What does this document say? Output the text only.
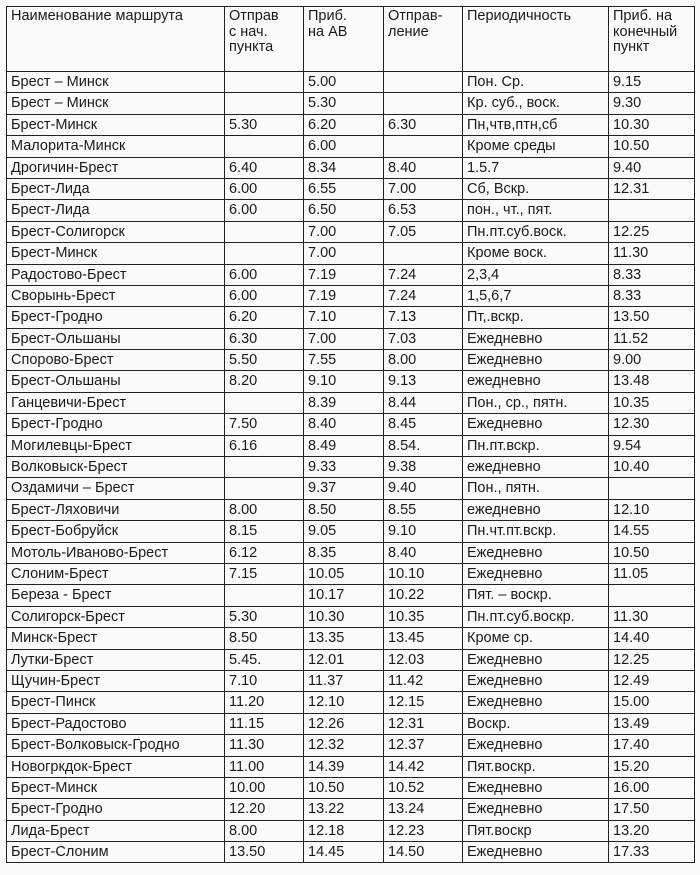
Наименование маршрута	Отправ
с нач.
пункта	Приб.
на АВ	Отправ-
ление	Периодичность	Приб. на
конечный
пункт
Брест – Минск		5.00		Пон. Ср.	9.15
Брест – Минск		5.30		Кр. суб., воск.	9.30
Брест-Минск	5.30	6.20	6.30	Пн,чтв,птн,сб	10.30
Малорита-Минск		6.00		Кроме среды	10.50
Дрогичин-Брест	6.40	8.34	8.40	1.5.7	9.40
Брест-Лида	6.00	6.55	7.00	Сб, Вскр.	12.31
Брест-Лида	6.00	6.50	6.53	пон., чт., пят.	
Брест-Солигорск		7.00	7.05	Пн.пт.суб.воск.	12.25
Брест-Минск		7.00		Кроме воск.	11.30
Радостово-Брест	6.00	7.19	7.24	2,3,4	8.33
Сворынь-Брест	6.00	7.19	7.24	1,5,6,7	8.33
Брест-Гродно	6.20	7.10	7.13	Пт,.вскр.	13.50
Брест-Ольшаны	6.30	7.00	7.03	Ежедневно	11.52
Спорово-Брест	5.50	7.55	8.00	Ежедневно	9.00
Брест-Ольшаны	8.20	9.10	9.13	ежедневно	13.48
Ганцевичи-Брест		8.39	8.44	Пон., ср., пятн.	10.35
Брест-Гродно	7.50	8.40	8.45	Ежедневно	12.30
Могилевцы-Брест	6.16	8.49	8.54.	Пн.пт.вскр.	9.54
Волковыск-Брест		9.33	9.38	ежедневно	10.40
Оздамичи – Брест		9.37	9.40	Пон., пятн.	
Брест-Ляховичи	8.00	8.50	8.55	ежедневно	12.10
Брест-Бобруйск	8.15	9.05	9.10	Пн.чт.пт.вскр.	14.55
Мотоль-Иваново-Брест	6.12	8.35	8.40	Ежедневно	10.50
Слоним-Брест	7.15	10.05	10.10	Ежедневно	11.05
Береза - Брест		10.17	10.22	Пят. – воскр.	
Солигорск-Брест	5.30	10.30	10.35	Пн.пт.суб.воскр.	11.30
Минск-Брест	8.50	13.35	13.45	Кроме ср.	14.40
Лутки-Брест	5.45.	12.01	12.03	Ежедневно	12.25
Щучин-Брест	7.10	11.37	11.42	Ежедневно	12.49
Брест-Пинск	11.20	12.10	12.15	Ежедневно	15.00
Брест-Радостово	11.15	12.26	12.31	Воскр.	13.49
Брест-Волковыск-Гродно	11.30	12.32	12.37	Ежедневно	17.40
Новогркдок-Брест	11.00	14.39	14.42	Пят.воскр.	15.20
Брест-Минск	10.00	10.50	10.52	Ежедневно	16.00
Брест-Гродно	12.20	13.22	13.24	Ежедневно	17.50
Лида-Брест	8.00	12.18	12.23	Пят.воскр	13.20
Брест-Слоним	13.50	14.45	14.50	Ежедневно	17.33
